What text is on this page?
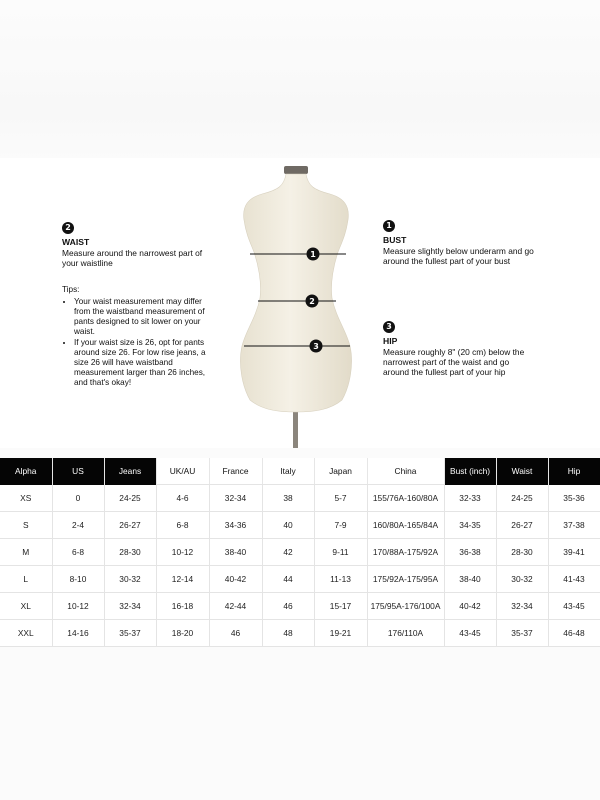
1
2
3
2
WAIST

Measure around the narrowest part of your waistline

Tips:
• Your waist measurement may differ from the waistband measurement of pants designed to sit lower on your waist.
• If your waist size is 26, opt for pants around size 26. For low rise jeans, a size 26 will have waistband measurement larger than 26 inches, and that's okay!
1
BUST

Measure slightly below underarm and go around the fullest part of your bust

3
HIP

Measure roughly 8" (20 cm) below the narrowest part of the waist and go around the fullest part of your hip

Alpha	US	Jeans	UK/AU	France	Italy	Japan	China	Bust (inch)	Waist	Hip
XS	0	24-25	4-6	32-34	38	5-7	155/76A-160/80A	32-33	24-25	35-36
S	2-4	26-27	6-8	34-36	40	7-9	160/80A-165/84A	34-35	26-27	37-38
M	6-8	28-30	10-12	38-40	42	9-11	170/88A-175/92A	36-38	28-30	39-41
L	8-10	30-32	12-14	40-42	44	11-13	175/92A-175/95A	38-40	30-32	41-43
XL	10-12	32-34	16-18	42-44	46	15-17	175/95A-176/100A	40-42	32-34	43-45
XXL	14-16	35-37	18-20	46	48	19-21	176/110A	43-45	35-37	46-48
